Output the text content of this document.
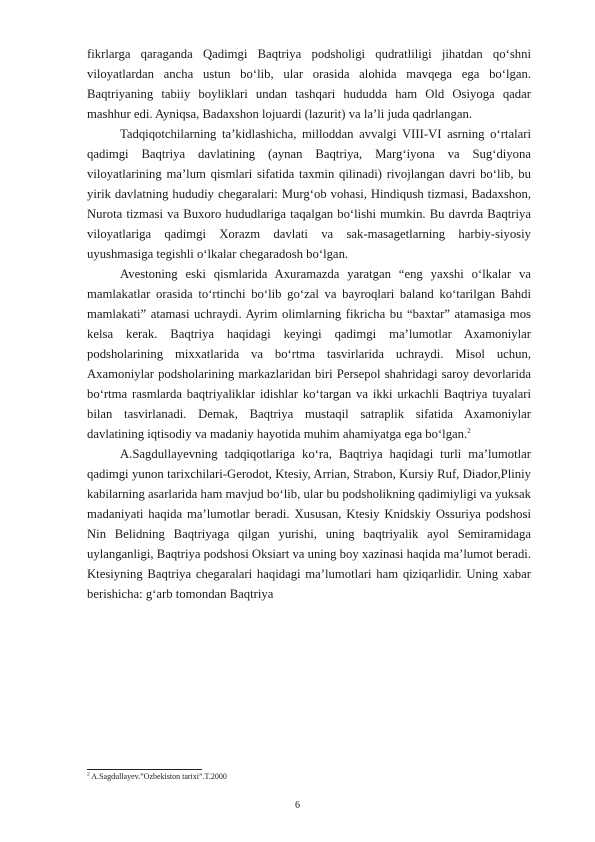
fikrlarga qaraganda Qadimgi Baqtriya podsholigi qudratliligi jihatdan qo‘shni viloyatlardan ancha ustun bo‘lib, ular orasida alohida mavqega ega bo‘lgan. Baqtriyaning tabiiy boyliklari undan tashqari hududda ham Old Osiyoga qadar mashhur edi. Ayniqsa, Badaxshon lojuardi (lazurit) va la’li juda qadrlangan.

Tadqiqotchilarning ta’kidlashicha, milloddan avvalgi VIII-VI asrning o‘rtalari qadimgi Baqtriya davlatining (aynan Baqtriya, Marg‘iyona va Sug‘diyona viloyatlarining ma’lum qismlari sifatida taxmin qilinadi) rivojlangan davri bo‘lib, bu yirik davlatning hududiy chegaralari: Murg‘ob vohasi, Hindiqush tizmasi, Badaxshon, Nurota tizmasi va Buxoro hududlariga taqalgan bo‘lishi mumkin. Bu davrda Baqtriya viloyatlariga qadimgi Xorazm davlati va sak-masagetlarning harbiy-siyosiy uyushmasiga tegishli o‘lkalar chegaradosh bo‘lgan.

Avestoning eski qismlarida Axuramazda yaratgan “eng yaxshi o‘lkalar va mamlakatlar orasida to‘rtinchi bo‘lib go‘zal va bayroqlari baland ko‘tarilgan Bahdi mamlakati” atamasi uchraydi. Ayrim olimlarning fikricha bu “baxtar” atamasiga mos kelsa kerak. Baqtriya haqidagi keyingi qadimgi ma’lumotlar Axamoniylar podsholarining mixxatlarida va bo‘rtma tasvirlarida uchraydi. Misol uchun, Axamoniylar podsholarining markazlaridan biri Persepol shahridagi saroy devorlarida bo‘rtma rasmlarda baqtriyaliklar idishlar ko‘targan va ikki urkachli Baqtriya tuyalari bilan tasvirlanadi. Demak, Baqtriya mustaqil satraplik sifatida Axamoniylar davlatining iqtisodiy va madaniy hayotida muhim ahamiyatga ega bo‘lgan.$^2$

A.Sagdullayevning tadqiqotlariga ko‘ra, Baqtriya haqidagi turli ma’lumotlar qadimgi yunon tarixchilari-Gerodot, Ktesiy, Arrian, Strabon, Kursiy Ruf, Diador,Pliniy kabilarning asarlarida ham mavjud bo‘lib, ular bu podsholikning qadimiyligi va yuksak madaniyati haqida ma’lumotlar beradi. Xususan, Ktesiy Knidskiy Ossuriya podshosi Nin Belidning Baqtriyaga qilgan yurishi, uning baqtriyalik ayol Semiramidaga uylanganligi, Baqtriya podshosi Oksiart va uning boy xazinasi haqida ma’lumot beradi. Ktesiyning Baqtriya chegaralari haqidagi ma’lumotlari ham qiziqarlidir. Uning xabar berishicha: g‘arb tomondan Baqtriya

$^2$ A.Sagdullayev.”Ozbekiston tarixi”.T.2000
6
